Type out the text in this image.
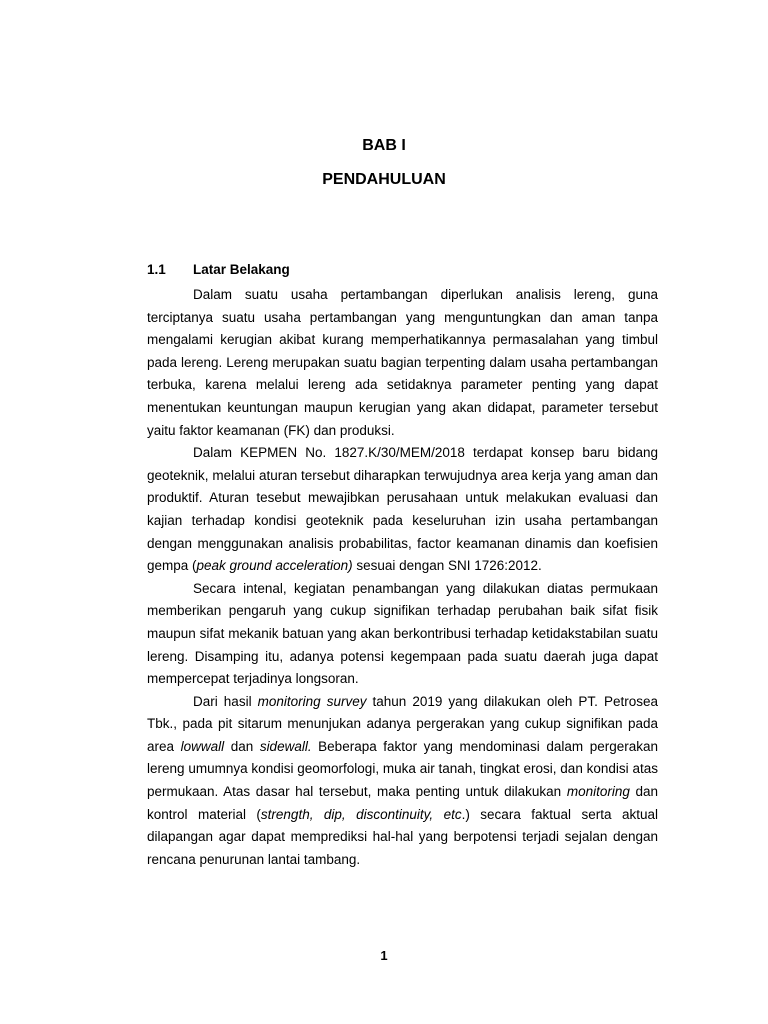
BAB I
PENDAHULUAN
1.1 Latar Belakang

Dalam suatu usaha pertambangan diperlukan analisis lereng, guna terciptanya suatu usaha pertambangan yang menguntungkan dan aman tanpa mengalami kerugian akibat kurang memperhatikannya permasalahan yang timbul pada lereng. Lereng merupakan suatu bagian terpenting dalam usaha pertambangan terbuka, karena melalui lereng ada setidaknya parameter penting yang dapat menentukan keuntungan maupun kerugian yang akan didapat, parameter tersebut yaitu faktor keamanan (FK) dan produksi.

Dalam KEPMEN No. 1827.K/30/MEM/2018 terdapat konsep baru bidang geoteknik, melalui aturan tersebut diharapkan terwujudnya area kerja yang aman dan produktif. Aturan tesebut mewajibkan perusahaan untuk melakukan evaluasi dan kajian terhadap kondisi geoteknik pada keseluruhan izin usaha pertambangan dengan menggunakan analisis probabilitas, factor keamanan dinamis dan koefisien gempa (peak ground acceleration) sesuai dengan SNI 1726:2012.

Secara intenal, kegiatan penambangan yang dilakukan diatas permukaan memberikan pengaruh yang cukup signifikan terhadap perubahan baik sifat fisik maupun sifat mekanik batuan yang akan berkontribusi terhadap ketidakstabilan suatu lereng. Disamping itu, adanya potensi kegempaan pada suatu daerah juga dapat mempercepat terjadinya longsoran.

Dari hasil monitoring survey tahun 2019 yang dilakukan oleh PT. Petrosea Tbk., pada pit sitarum menunjukan adanya pergerakan yang cukup signifikan pada area lowwall dan sidewall. Beberapa faktor yang mendominasi dalam pergerakan lereng umumnya kondisi geomorfologi, muka air tanah, tingkat erosi, dan kondisi atas permukaan. Atas dasar hal tersebut, maka penting untuk dilakukan monitoring dan kontrol material (strength, dip, discontinuity, etc.) secara faktual serta aktual dilapangan agar dapat memprediksi hal-hal yang berpotensi terjadi sejalan dengan rencana penurunan lantai tambang.

1
